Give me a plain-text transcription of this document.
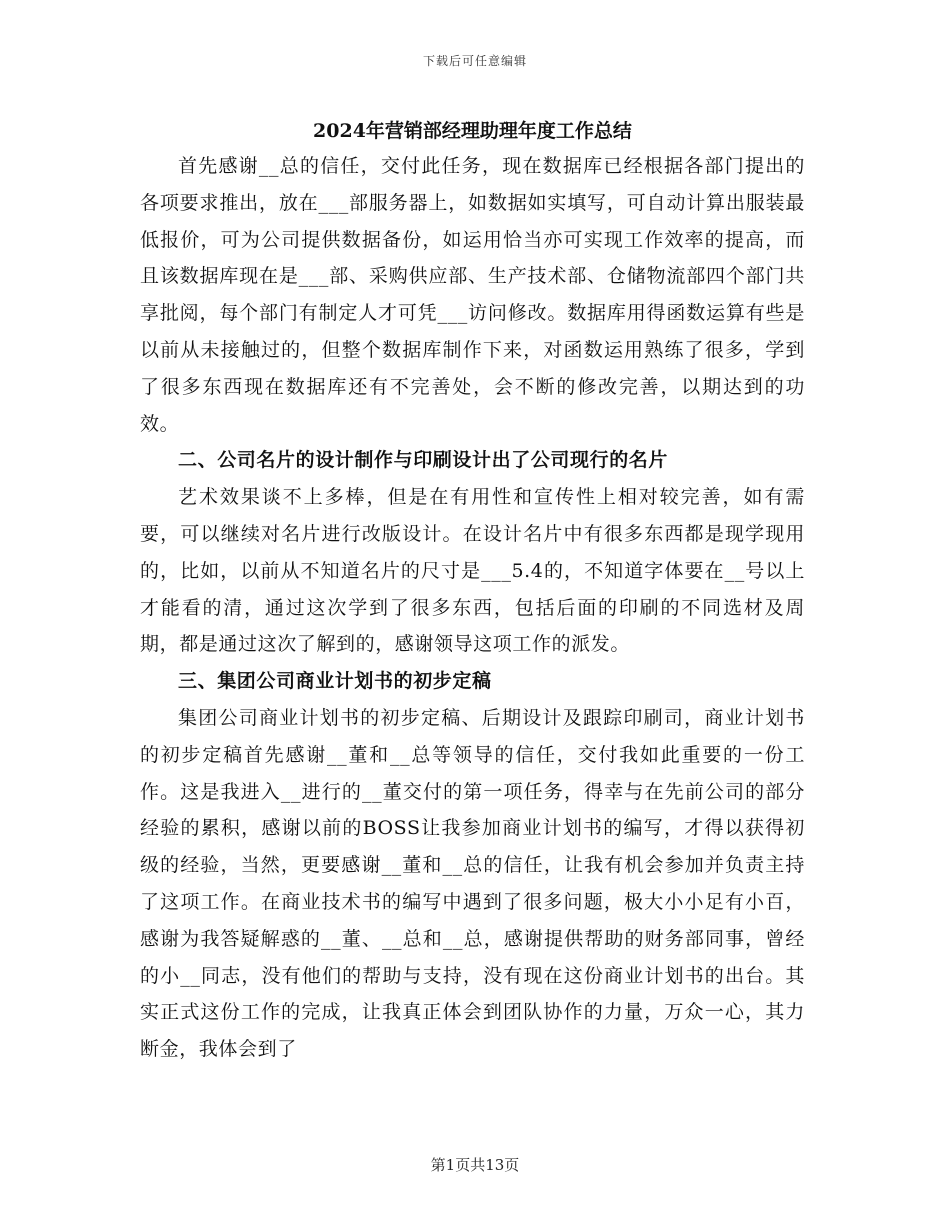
下载后可任意编辑
2024年营销部经理助理年度工作总结

首先感谢__总的信任，交付此任务，现在数据库已经根据各部门提出的各项要求推出，放在___部服务器上，如数据如实填写，可自动计算出服装最低报价，可为公司提供数据备份，如运用恰当亦可实现工作效率的提高，而且该数据库现在是___部、采购供应部、生产技术部、仓储物流部四个部门共享批阅，每个部门有制定人才可凭___访问修改。数据库用得函数运算有些是以前从未接触过的，但整个数据库制作下来，对函数运用熟练了很多，学到了很多东西现在数据库还有不完善处，会不断的修改完善，以期达到的功效。

二、公司名片的设计制作与印刷设计出了公司现行的名片

艺术效果谈不上多棒，但是在有用性和宣传性上相对较完善，如有需要，可以继续对名片进行改版设计。在设计名片中有很多东西都是现学现用的，比如，以前从不知道名片的尺寸是___5.4的，不知道字体要在__号以上才能看的清，通过这次学到了很多东西，包括后面的印刷的不同选材及周期，都是通过这次了解到的，感谢领导这项工作的派发。

三、集团公司商业计划书的初步定稿

集团公司商业计划书的初步定稿、后期设计及跟踪印刷司，商业计划书的初步定稿首先感谢__董和__总等领导的信任，交付我如此重要的一份工作。这是我进入__进行的__董交付的第一项任务，得幸与在先前公司的部分经验的累积，感谢以前的BOSS让我参加商业计划书的编写，才得以获得初级的经验，当然，更要感谢__董和__总的信任，让我有机会参加并负责主持了这项工作。在商业技术书的编写中遇到了很多问题，极大小小足有小百，感谢为我答疑解惑的__董、__总和__总，感谢提供帮助的财务部同事，曾经的小__同志，没有他们的帮助与支持，没有现在这份商业计划书的出台。其实正式这份工作的完成，让我真正体会到团队协作的力量，万众一心，其力断金，我体会到了

第1页共13页
